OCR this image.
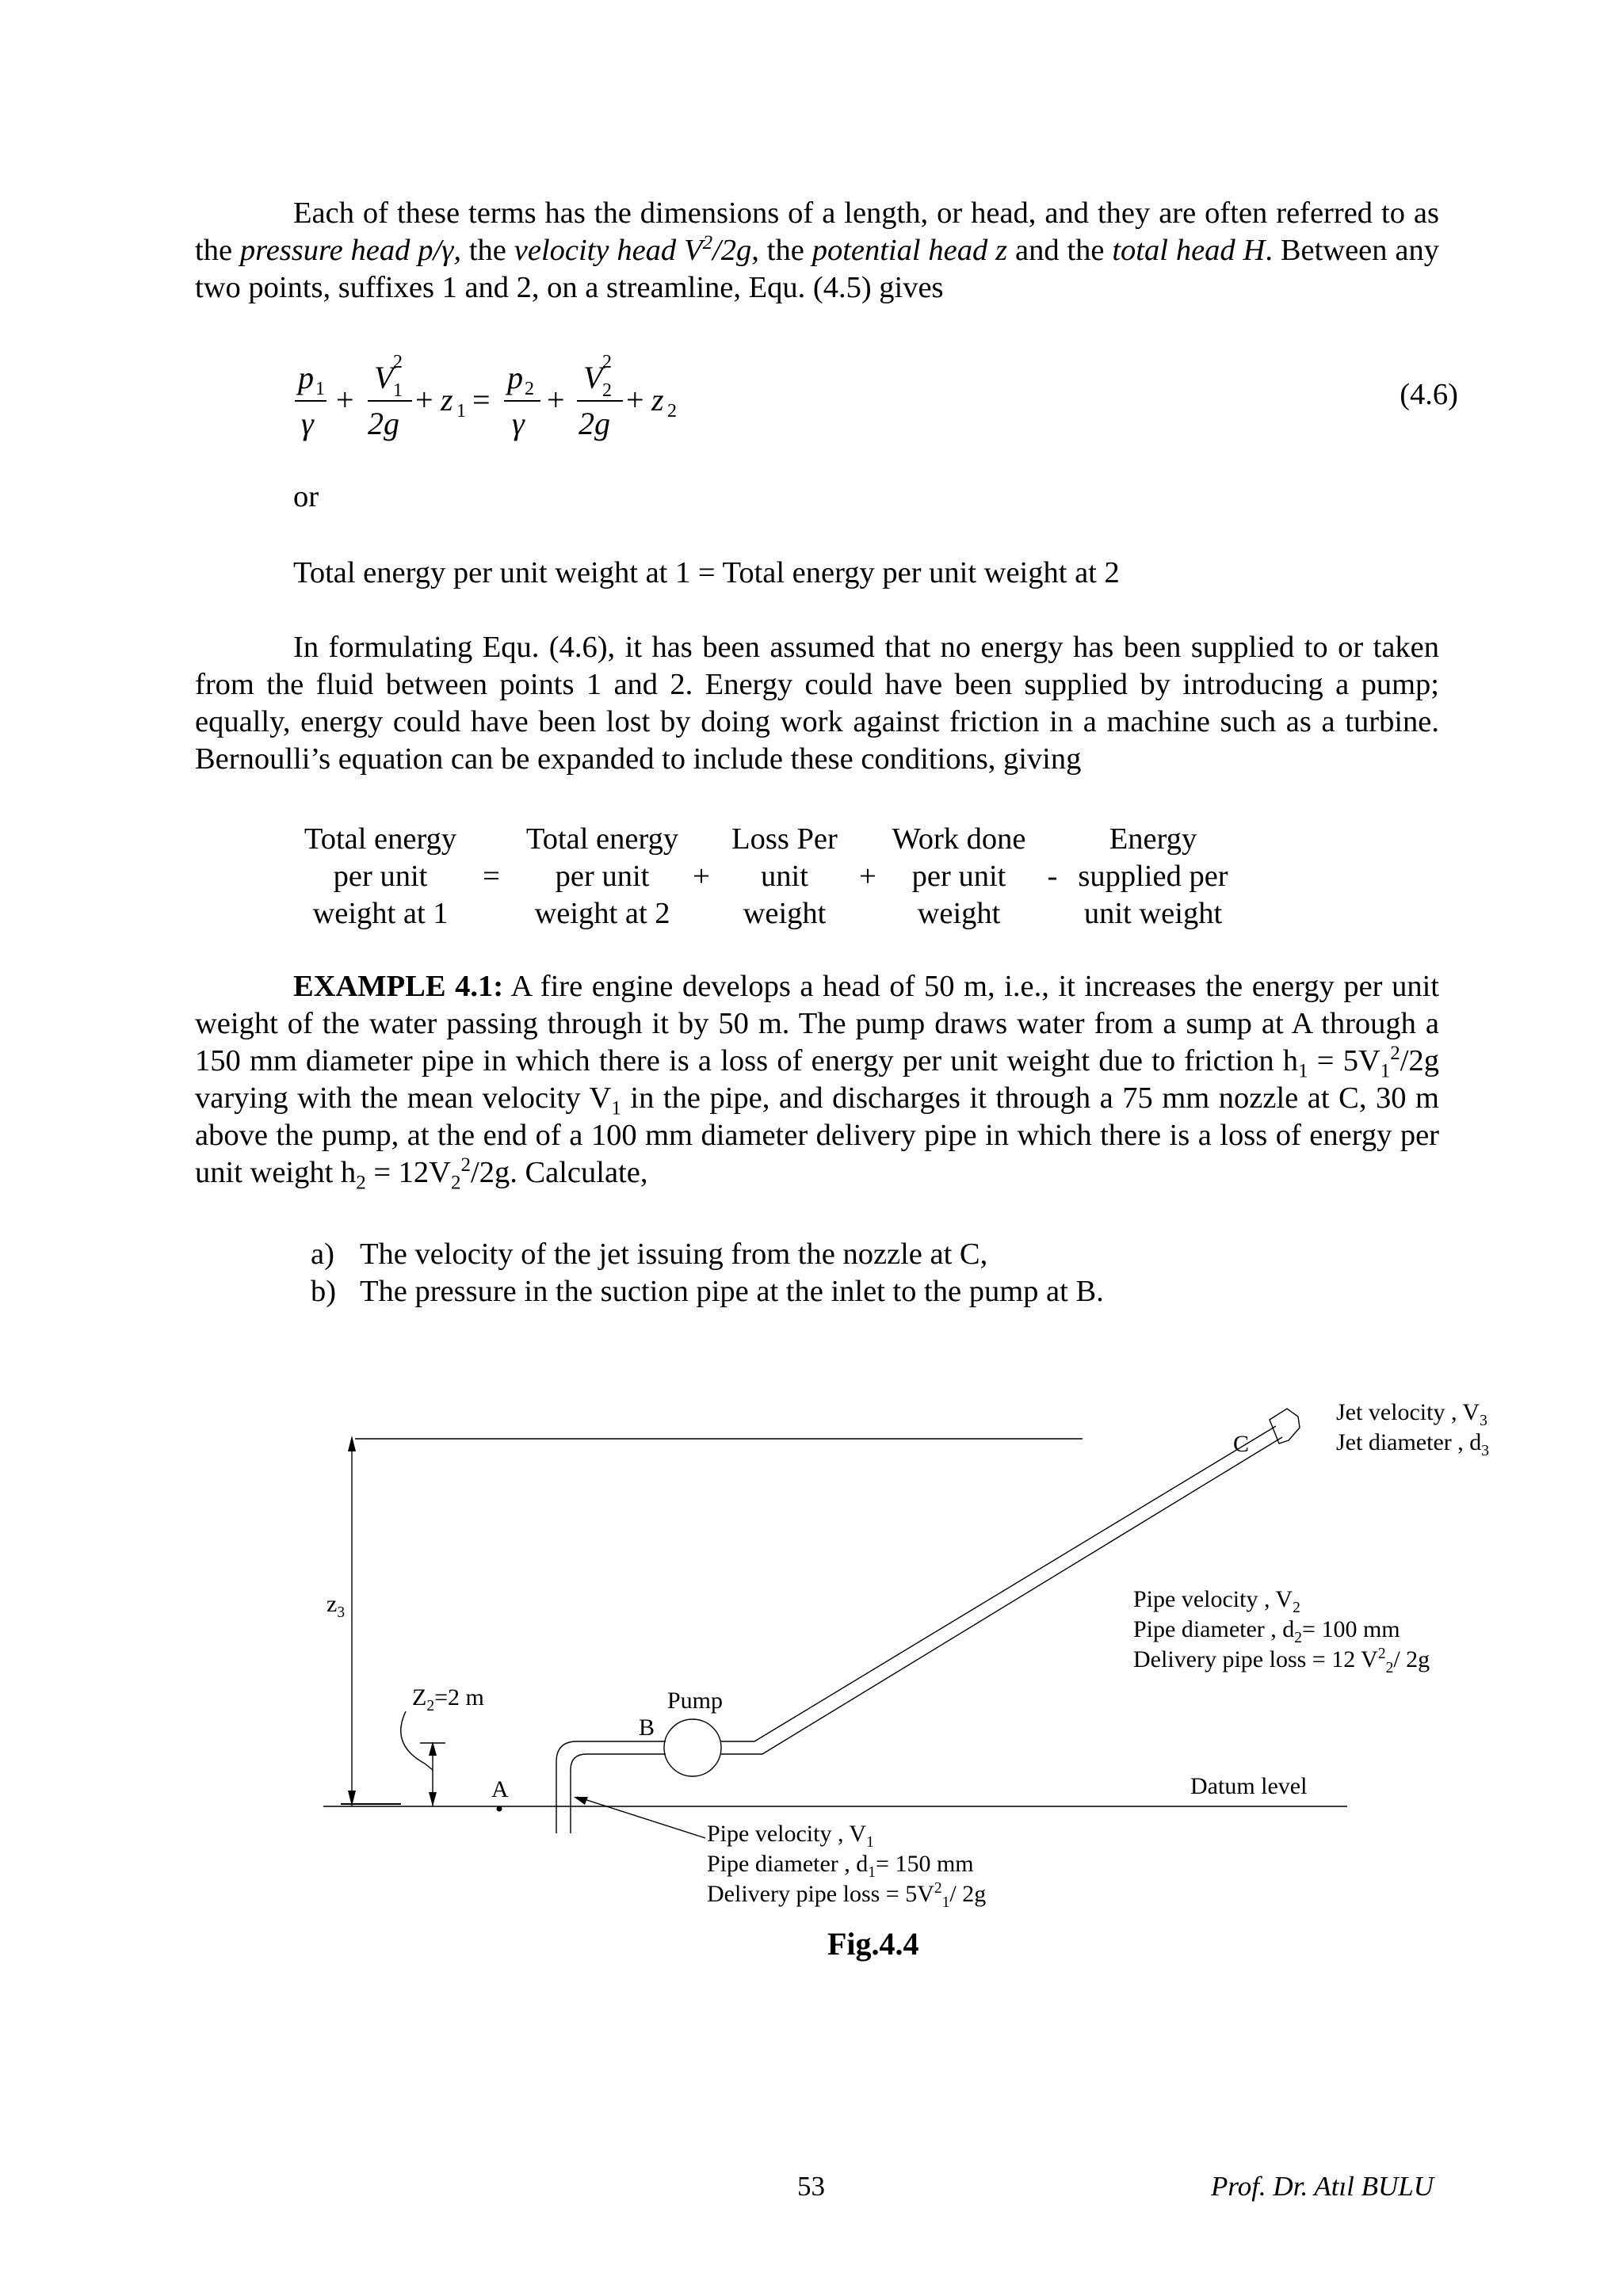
Each of these terms has the dimensions of a length, or head, and they are often referred to as the pressure head p/γ, the velocity head $V^2/2g$, the potential head z and the total head H. Between any two points, suffixes 1 and 2, on a streamline, Equ. (4.5) gives

p 1
γ
+
V 2
1
2g
+ z 1 =
p 2
γ
+
V 2
2
2g
+ z 2	(4.6)

or

Total energy per unit weight at 1 = Total energy per unit weight at 2

In formulating Equ. (4.6), it has been assumed that no energy has been supplied to or taken from the fluid between points 1 and 2. Energy could have been supplied by introducing a pump; equally, energy could have been lost by doing work against friction in a machine such as a turbine. Bernoulli’s equation can be expanded to include these conditions, giving

Total energy
per unit
weight at 1
=
Total energy
per unit
weight at 2
+
Loss Per
unit
weight
+
Work done
per unit
weight
-
Energy
supplied per
unit weight

EXAMPLE 4.1: A fire engine develops a head of 50 m, i.e., it increases the energy per unit weight of the water passing through it by 50 m. The pump draws water from a sump at A through a 150 mm diameter pipe in which there is a loss of energy per unit weight due to friction $h_1 = 5V_1^2/2g$ varying with the mean velocity $V_1$ in the pipe, and discharges it through a 75 mm nozzle at C, 30 m above the pump, at the end of a 100 mm diameter delivery pipe in which there is a loss of energy per unit weight $h_2 = 12V_2^2/2g$. Calculate,

a) The velocity of the jet issuing from the nozzle at C,
b) The pressure in the suction pipe at the inlet to the pump at B.
Jet velocity , $V_3$
Jet diameter , $d_3$
C
$z_3$
Pipe velocity , $V_2$
Pipe diameter , $d_2= 100$ mm
Delivery pipe loss = 12 $V^2_2/$ 2g
$Z_2=2$ m	Pump
B
A	Datum level
Pipe velocity , $V_1$
Pipe diameter , $d_1= 150$ mm
Delivery pipe loss = $5V^2_1/$ 2g
Fig.4.4
53	Prof. Dr. Atıl BULU
